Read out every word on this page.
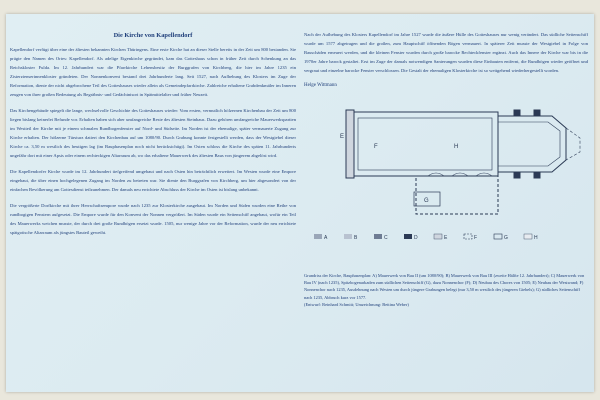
Die Kirche von Kapellendorf

Kapellendorf verfügt über eine der ältesten bekannten Kirchen Thüringens. Eine erste Kirche hat an dieser Stelle bereits in der Zeit um 800 bestanden. Sie prägte den Namen des Ortes: Kapellendorf. Als adelige Eigenkirche gegründet, kam das Gotteshaus schon in früher Zeit durch Schenkung an das Reichskloster Fulda. Im 12. Jahrhundert war die Pfarrkirche Lehensbesitz der Burggrafen von Kirchberg, die hier im Jahre 1235 ein Zisterzienserinnenkloster gründeten. Der Nonnenkonvent bestand drei Jahrhunderte lang. Seit 1527, nach Aufhebung des Klosters im Zuge der Reformation, diente der nicht abgebrochene Teil des Gotteshauses wieder allein als Gemeindepfarrkirche. Zahlreiche erhaltene Grabdenkmäler im Inneren zeugen von ihrer großen Bedeutung als Begräbnis- und Gedächtnisort in Spätmittelalter und früher Neuzeit.

Das Kirchengebäude spiegelt die lange, wechselvolle Geschichte des Gotteshauses wieder: Vom ersten, vermutlich hölzernen Kirchenbau der Zeit um 800 liegen bislang keinerlei Befunde vor. Erhalten haben sich aber umfangreiche Reste des ältesten Steinbaus. Dazu gehören umfangreiche Mauerwerkspartien im Westteil der Kirche mit je einem schmalen Rundbogenfenster auf Nord- und Südseite. Im Norden ist der ehemalige, später vermauerte Zugang zur Kirche erhalten. Der hölzerne Türsturz datiert den Kirchenbau auf um 1080/90. Durch Grabung konnte festgestellt werden, dass der Westgiebel dieser Kirche ca. 3,50 m westlich des heutigen lag (im Bauphasenplan noch nicht berücksichtigt). Im Osten schloss die Kirche des späten 11. Jahrhunderts ungefähr dort mit einer Apsis oder einem rechteckigen Altarraum ab, wo das erhaltene Mauerwerk des ältesten Baus von jüngerem abgelöst wird.

Die Kapellendorfer Kirche wurde im 12. Jahrhundert tiefgreifend umgebaut und nach Osten hin beträchtlich erweitert. Im Westen wurde eine Empore eingebaut, die über einen hochgelegenen Zugang im Norden zu betreten war. Sie diente den Burggrafen von Kirchberg, um hier abgesondert von der einfachen Bevölkerung am Gottesdienst teilzunehmen. Der damals neu errichtete Abschluss der Kirche im Osten ist bislang unbekannt.

Die vergrößerte Dorfkirche mit ihrer Herrschaftsempore wurde nach 1235 zur Klosterkirche ausgebaut. Im Norden und Süden wurden eine Reihe von rundbogigen Fenstern aufgesetzt. Die Empore wurde für den Konvent der Nonnen vergrößert. Im Süden wurde ein Seitenschiff angebaut, wofür ein Teil des Mauerwerks weichen musste, der durch drei große Rundbögen ersetzt wurde. 1505, nur wenige Jahre vor der Reformation, wurde der neu errichtete spätgotische Altarraum als jüngstes Bauteil geweiht.

Nach der Aufhebung des Klosters Kapellendorf im Jahre 1527 wurde die äußere Hülle des Gotteshauses nur wenig verändert. Das südliche Seitenschiff wurde um 1577 abgetragen und die großen, zum Hauptschiff öffnenden Bögen vermauert. In späterer Zeit musste der Westgiebel in Folge von Bauschäden erneuert werden, und die kleinen Fenster wurden durch große barocke Rechteckfenster ergänzt. Auch das Innere der Kirche war bis in die 1970er Jahre barock gestaltet. Erst im Zuge der damals notwendigen Sanierungen wurden diese Einbauten entfernt, die Rundbögen wieder geöffnet und vergraut und einzelne barocke Fenster verschlossen. Die Gestalt der ehemaligen Klosterkirche ist so weitgehend wiederhergestellt worden.

Helge Wittmann
F
E
H
G
A	B	C	D	E	F	G	H
Grundriss der Kirche, Bauphasenplan: A) Mauerwerk von Bau II (um 1080/90); B) Mauerwerk von Bau III (zweite Hälfte 12. Jahrhundert); C) Mauerwerk von Bau IV (nach 1235), Spitzbogenarkaden zum südlichen Seitenschiff (G), dazu Nonnenchor (F); D) Neubau des Chores von 1505; E) Neubau der Westwand; F) Nonnenchor nach 1235, Ausdehnung nach Westen um durch jüngere Grabungen belegt (nur 3,50 m westlich des jüngeren Giebels); G) südliches Seitenschiff nach 1235, Abbruch kurz vor 1577.
(Entwurf: Reinhard Schmitt; Umzeichnung: Bettina Weber)
